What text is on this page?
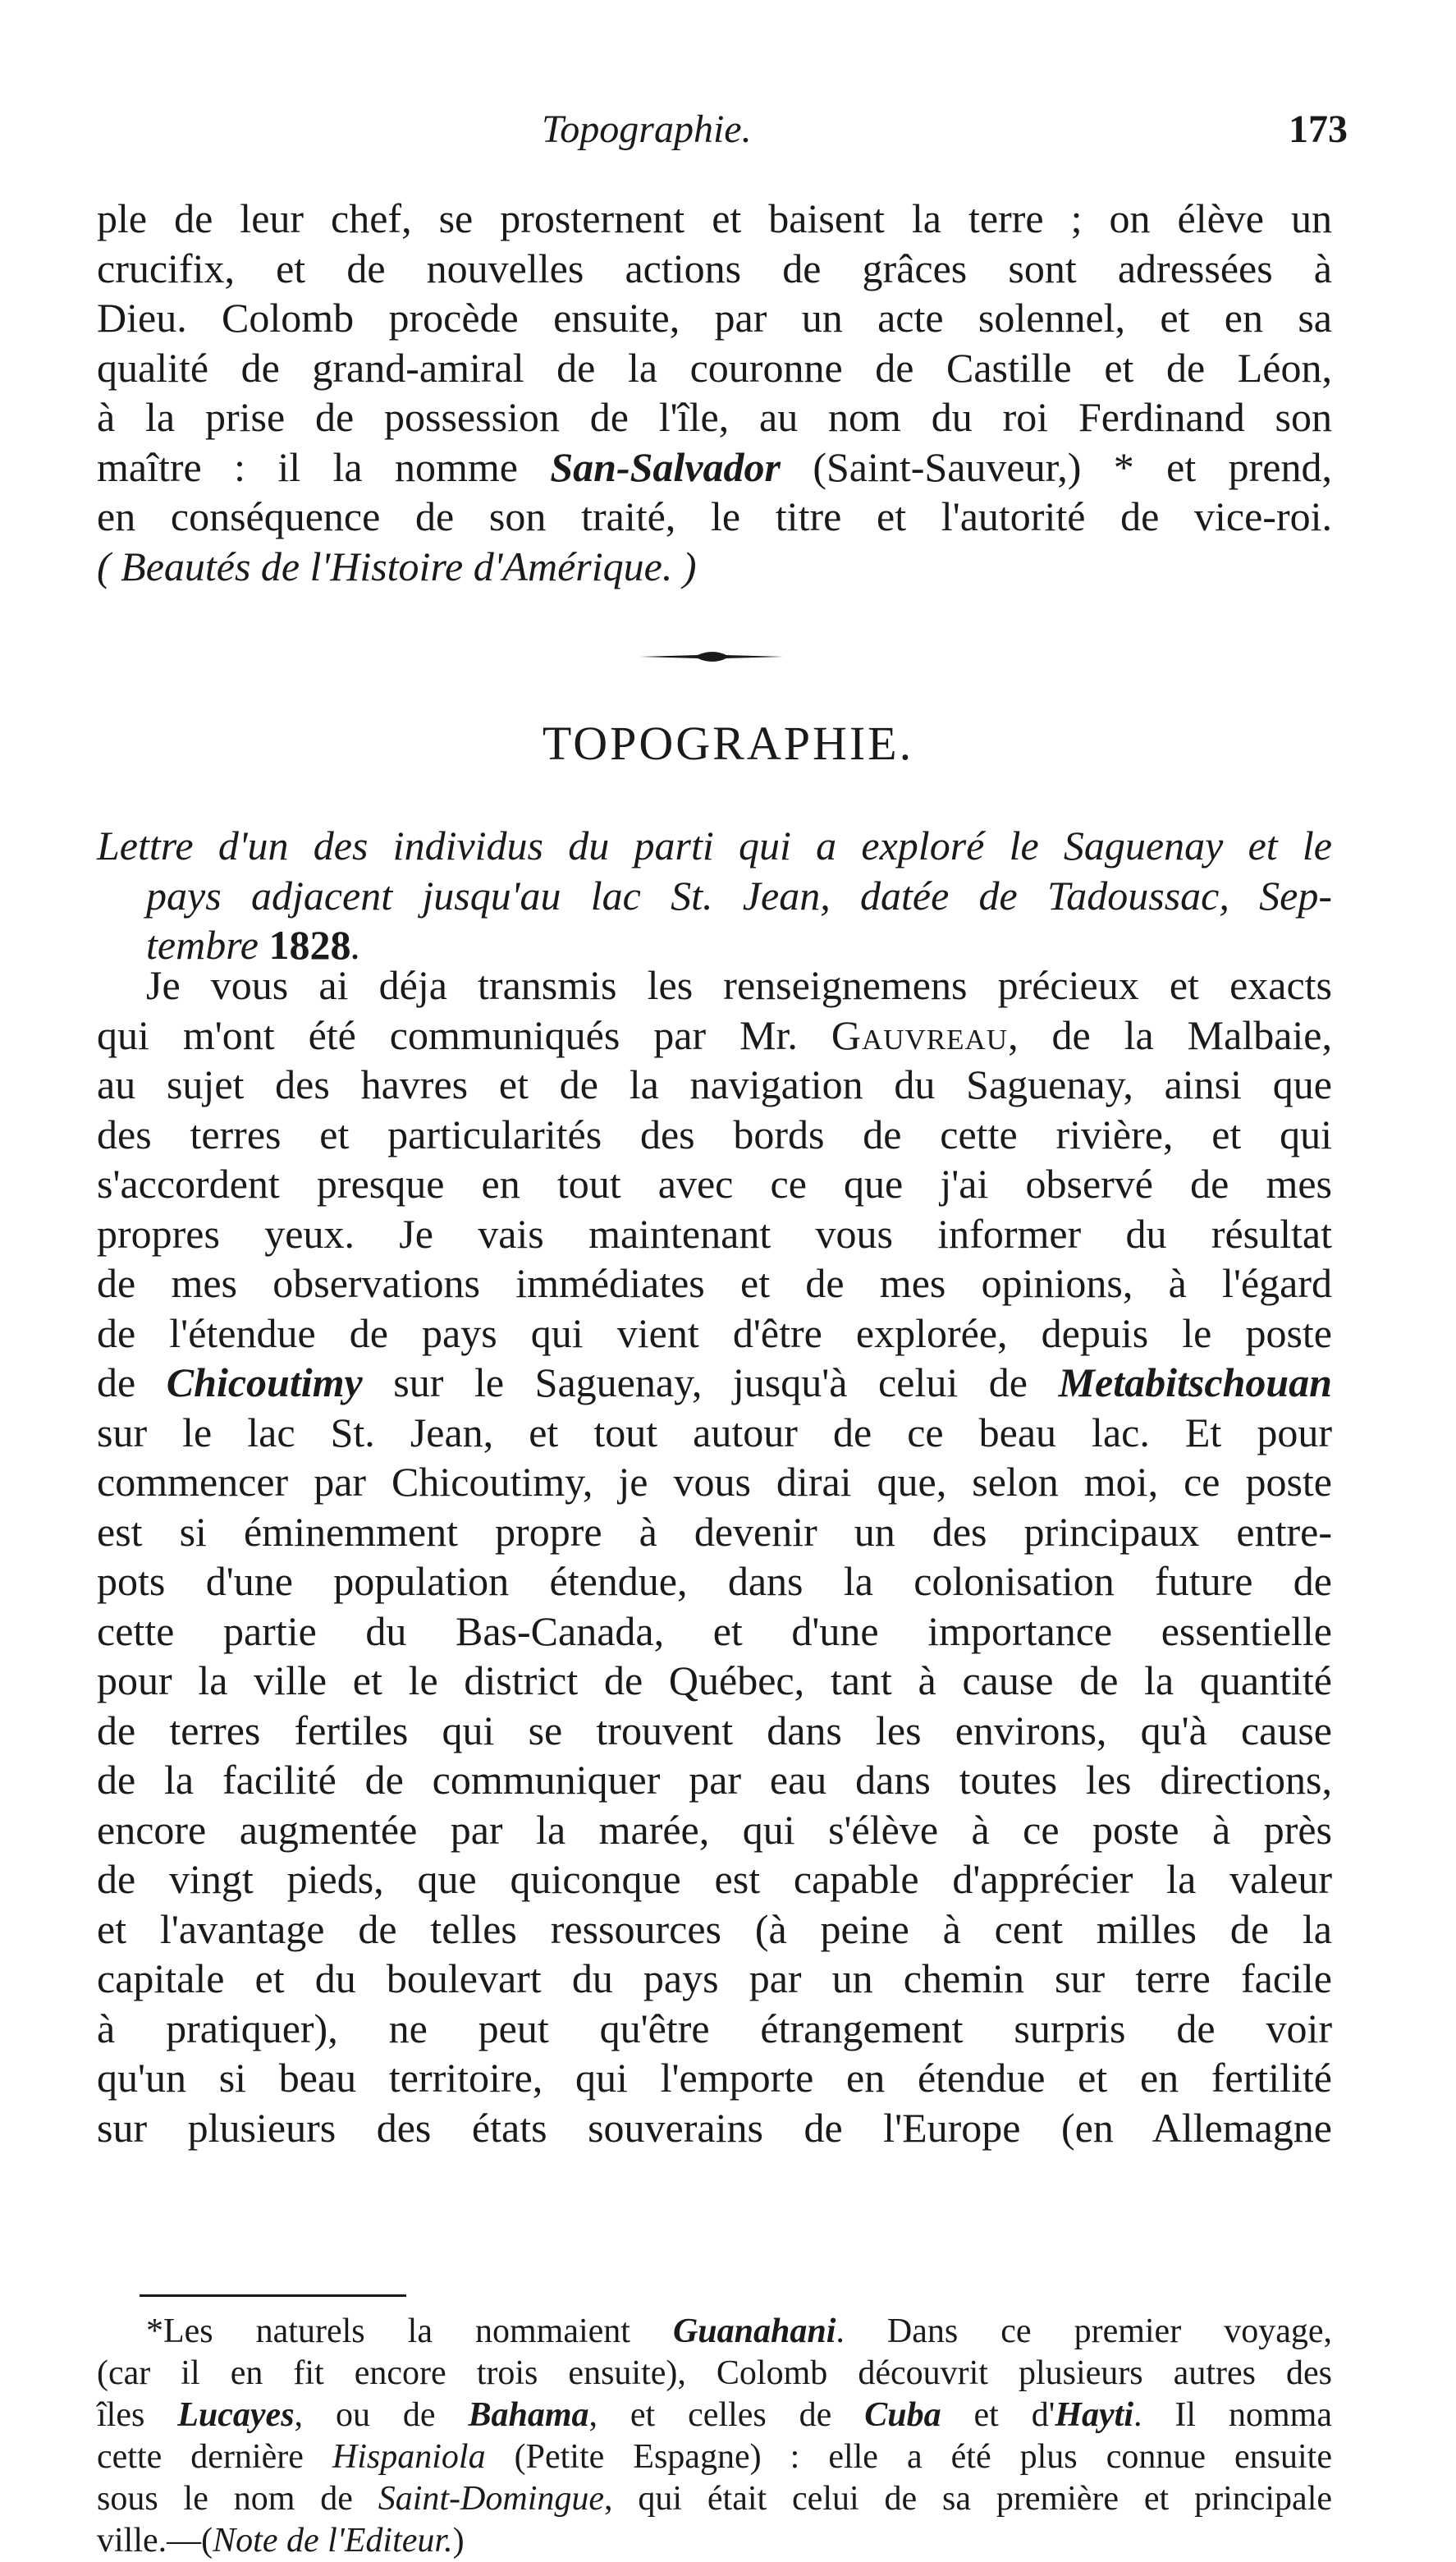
Topographie.	173
ple de leur chef, se prosternent et baisent la terre ; on élève un
crucifix, et de nouvelles actions de grâces sont adressées à
Dieu. Colomb procède ensuite, par un acte solennel, et en sa
qualité de grand-amiral de la couronne de Castille et de Léon,
à la prise de possession de l'île, au nom du roi Ferdinand son
maître : il la nomme San-Salvador (Saint-Sauveur,) * et prend,
en conséquence de son traité, le titre et l'autorité de vice-roi.
( Beautés de l'Histoire d'Amérique. )
TOPOGRAPHIE.
Lettre d'un des individus du parti qui a exploré le Saguenay et le
pays adjacent jusqu'au lac St. Jean, datée de Tadoussac, Sep-
tembre 1828.
Je vous ai déja transmis les renseignemens précieux et exacts
qui m'ont été communiqués par Mr. Gauvreau, de la Malbaie,
au sujet des havres et de la navigation du Saguenay, ainsi que
des terres et particularités des bords de cette rivière, et qui
s'accordent presque en tout avec ce que j'ai observé de mes
propres yeux. Je vais maintenant vous informer du résultat
de mes observations immédiates et de mes opinions, à l'égard
de l'étendue de pays qui vient d'être explorée, depuis le poste
de Chicoutimy sur le Saguenay, jusqu'à celui de Metabitschouan
sur le lac St. Jean, et tout autour de ce beau lac. Et pour
commencer par Chicoutimy, je vous dirai que, selon moi, ce poste
est si éminemment propre à devenir un des principaux entre-
pots d'une population étendue, dans la colonisation future de
cette partie du Bas-Canada, et d'une importance essentielle
pour la ville et le district de Québec, tant à cause de la quantité
de terres fertiles qui se trouvent dans les environs, qu'à cause
de la facilité de communiquer par eau dans toutes les directions,
encore augmentée par la marée, qui s'élève à ce poste à près
de vingt pieds, que quiconque est capable d'apprécier la valeur
et l'avantage de telles ressources (à peine à cent milles de la
capitale et du boulevart du pays par un chemin sur terre facile
à pratiquer), ne peut qu'être étrangement surpris de voir
qu'un si beau territoire, qui l'emporte en étendue et en fertilité
sur plusieurs des états souverains de l'Europe (en Allemagne
*Les naturels la nommaient Guanahani. Dans ce premier voyage,
(car il en fit encore trois ensuite), Colomb découvrit plusieurs autres des
îles Lucayes, ou de Bahama, et celles de Cuba et d'Hayti. Il nomma
cette dernière Hispaniola (Petite Espagne) : elle a été plus connue ensuite
sous le nom de Saint-Domingue, qui était celui de sa première et principale
ville.—(Note de l'Editeur.)
